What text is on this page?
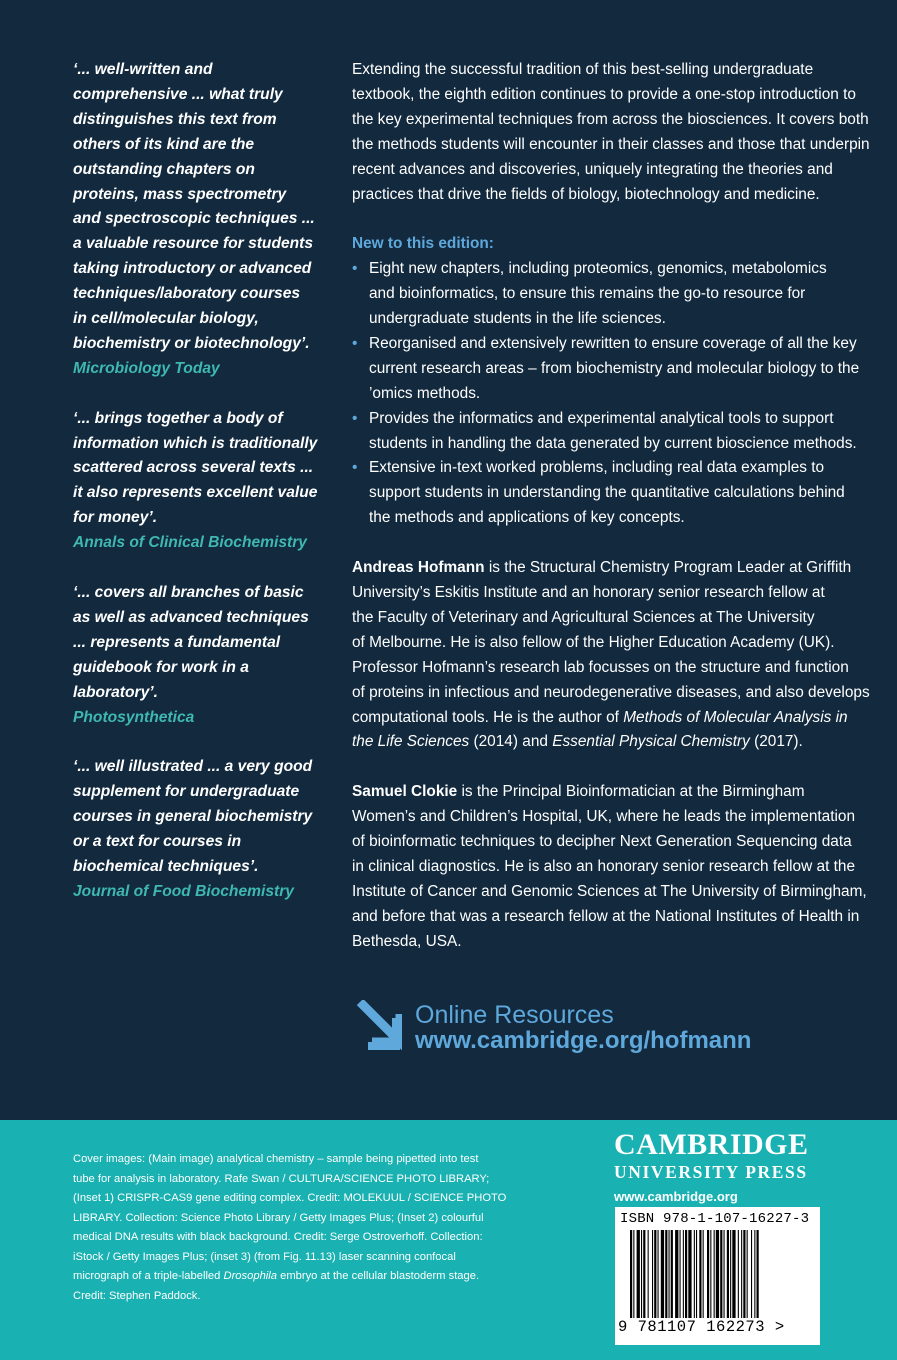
‘... well-written and
comprehensive ... what truly
distinguishes this text from
others of its kind are the
outstanding chapters on
proteins, mass spectrometry
and spectroscopic techniques ...
a valuable resource for students
taking introductory or advanced
techniques/laboratory courses
in cell/molecular biology,
biochemistry or biotechnology’.
Microbiology Today
‘... brings together a body of
information which is traditionally
scattered across several texts ...
it also represents excellent value
for money’.
Annals of Clinical Biochemistry
‘... covers all branches of basic
as well as advanced techniques
... represents a fundamental
guidebook for work in a
laboratory’.
Photosynthetica
‘... well illustrated ... a very good
supplement for undergraduate
courses in general biochemistry
or a text for courses in
biochemical techniques’.
Journal of Food Biochemistry

Extending the successful tradition of this best-selling undergraduate
textbook, the eighth edition continues to provide a one-stop introduction to
the key experimental techniques from across the biosciences. It covers both
the methods students will encounter in their classes and those that underpin
recent advances and discoveries, uniquely integrating the theories and
practices that drive the fields of biology, biotechnology and medicine.

New to this edition:
• Eight new chapters, including proteomics, genomics, metabolomics
and bioinformatics, to ensure this remains the go-to resource for
undergraduate students in the life sciences.
• Reorganised and extensively rewritten to ensure coverage of all the key
current research areas – from biochemistry and molecular biology to the
’omics methods.
• Provides the informatics and experimental analytical tools to support
students in handling the data generated by current bioscience methods.
• Extensive in-text worked problems, including real data examples to
support students in understanding the quantitative calculations behind
the methods and applications of key concepts.

Andreas Hofmann is the Structural Chemistry Program Leader at Griffith
University’s Eskitis Institute and an honorary senior research fellow at
the Faculty of Veterinary and Agricultural Sciences at The University
of Melbourne. He is also fellow of the Higher Education Academy (UK).
Professor Hofmann’s research lab focusses on the structure and function
of proteins in infectious and neurodegenerative diseases, and also develops
computational tools. He is the author of Methods of Molecular Analysis in
the Life Sciences (2014) and Essential Physical Chemistry (2017).

Samuel Clokie is the Principal Bioinformatician at the Birmingham
Women’s and Children’s Hospital, UK, where he leads the implementation
of bioinformatic techniques to decipher Next Generation Sequencing data
in clinical diagnostics. He is also an honorary senior research fellow at the
Institute of Cancer and Genomic Sciences at The University of Birmingham,
and before that was a research fellow at the National Institutes of Health in
Bethesda, USA.

Online Resources
www.cambridge.org/hofmann
Cover images: (Main image) analytical chemistry – sample being pipetted into test
tube for analysis in laboratory. Rafe Swan / CULTURA/SCIENCE PHOTO LIBRARY;
(Inset 1) CRISPR-CAS9 gene editing complex. Credit: MOLEKUUL / SCIENCE PHOTO
LIBRARY. Collection: Science Photo Library / Getty Images Plus; (Inset 2) colourful
medical DNA results with black background. Credit: Serge Ostroverhoff. Collection:
iStock / Getty Images Plus; (inset 3) (from Fig. 11.13) laser scanning confocal
micrograph of a triple-labelled Drosophila embryo at the cellular blastoderm stage.
Credit: Stephen Paddock.
CAMBRIDGE
UNIVERSITY PRESS
www.cambridge.org
ISBN 978-1-107-16227-3
9 781107 162273 >
